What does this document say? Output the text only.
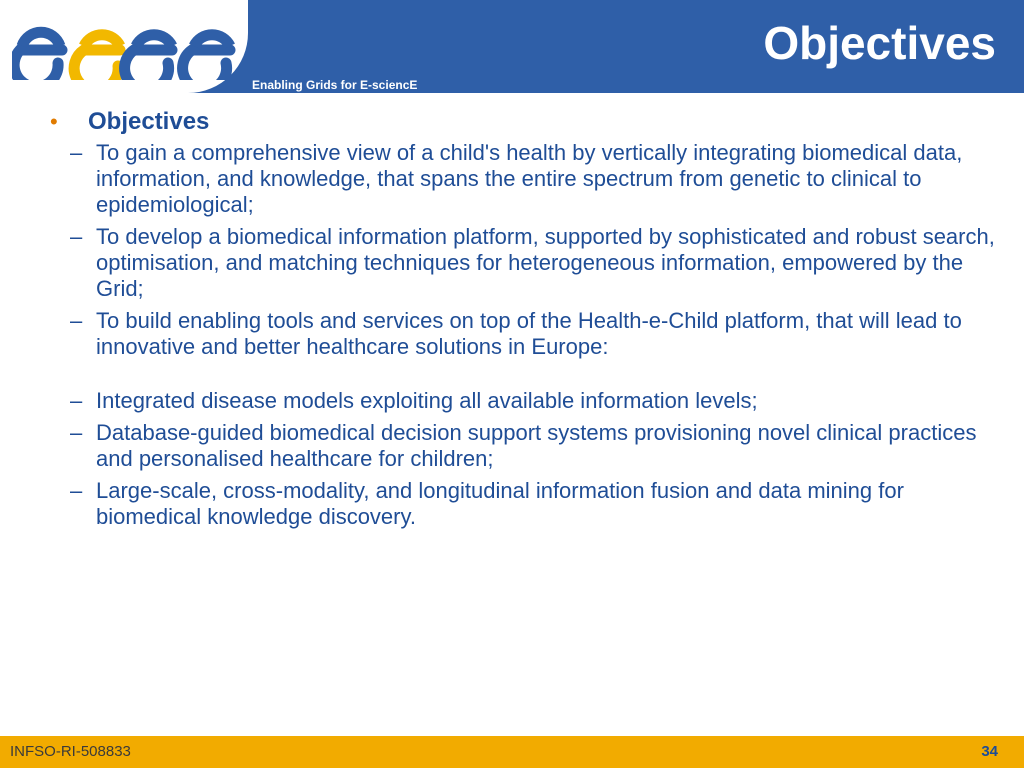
Enabling Grids for E-sciencE
Objectives
•	Objectives
– To gain a comprehensive view of a child's health by vertically integrating biomedical data, information, and knowledge, that spans the entire spectrum from genetic to clinical to epidemiological;
– To develop a biomedical information platform, supported by sophisticated and robust search, optimisation, and matching techniques for heterogeneous information, empowered by the Grid;
– To build enabling tools and services on top of the Health-e-Child platform, that will lead to innovative and better healthcare solutions in Europe:
– Integrated disease models exploiting all available information levels;
– Database-guided biomedical decision support systems provisioning novel clinical practices and personalised healthcare for children;
– Large-scale, cross-modality, and longitudinal information fusion and data mining for biomedical knowledge discovery.
INFSO-RI-508833	34
